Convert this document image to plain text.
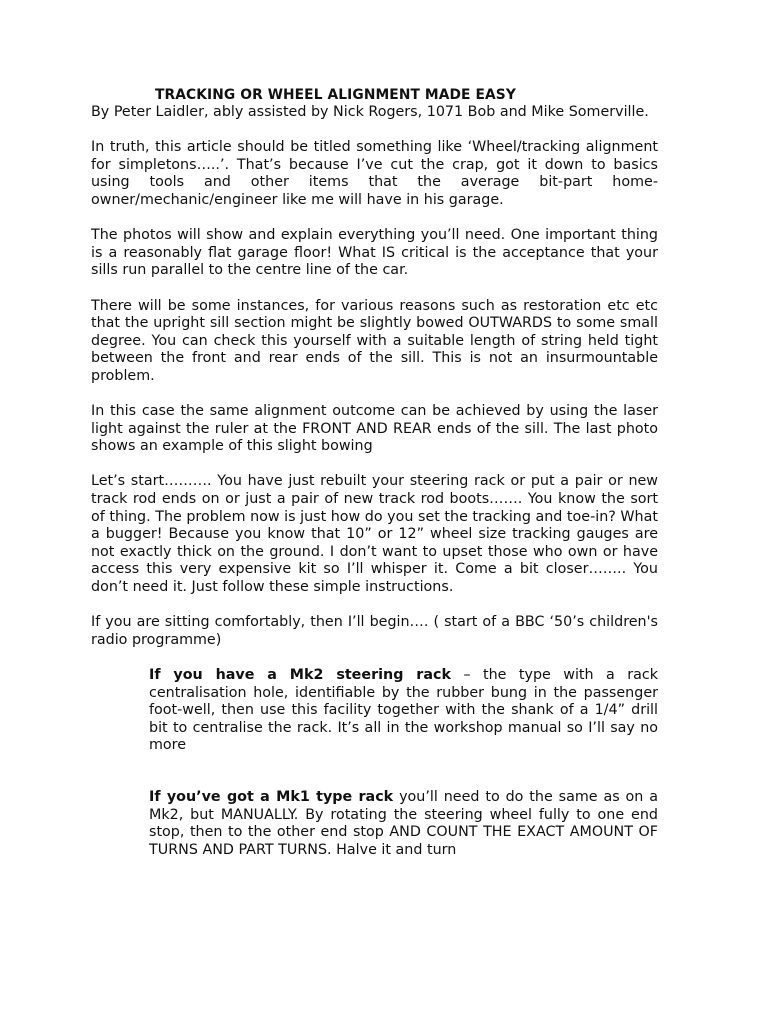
TRACKING OR WHEEL ALIGNMENT MADE EASY

By Peter Laidler, ably assisted by Nick Rogers, 1071 Bob and Mike Somerville.

In truth, this article should be titled something like ‘Wheel/tracking alignment for simpletons…..’. That’s because I’ve cut the crap, got it down to basics using tools and other items that the average bit-part home-owner/mechanic/engineer like me will have in his garage.

The photos will show and explain everything you’ll need. One important thing is a reasonably flat garage floor! What IS critical is the acceptance that your sills run parallel to the centre line of the car.

There will be some instances, for various reasons such as restoration etc etc that the upright sill section might be slightly bowed OUTWARDS to some small degree. You can check this yourself with a suitable length of string held tight between the front and rear ends of the sill. This is not an insurmountable problem.

In this case the same alignment outcome can be achieved by using the laser light against the ruler at the FRONT AND REAR ends of the sill. The last photo shows an example of this slight bowing

Let’s start………. You have just rebuilt your steering rack or put a pair or new track rod ends on or just a pair of new track rod boots……. You know the sort of thing. The problem now is just how do you set the tracking and toe-in? What a bugger! Because you know that 10” or 12” wheel size tracking gauges are not exactly thick on the ground. I don’t want to upset those who own or have access this very expensive kit so I’ll whisper it. Come a bit closer…….. You don’t need it. Just follow these simple instructions.

If you are sitting comfortably, then I’ll begin…. ( start of a BBC ‘50’s children's radio programme)

If you have a Mk2 steering rack – the type with a rack centralisation hole, identifiable by the rubber bung in the passenger foot-well, then use this facility together with the shank of a 1/4” drill bit to centralise the rack. It’s all in the workshop manual so I’ll say no more

If you’ve got a Mk1 type rack you’ll need to do the same as on a Mk2, but MANUALLY. By rotating the steering wheel fully to one end stop, then to the other end stop AND COUNT THE EXACT AMOUNT OF TURNS AND PART TURNS. Halve it and turn
